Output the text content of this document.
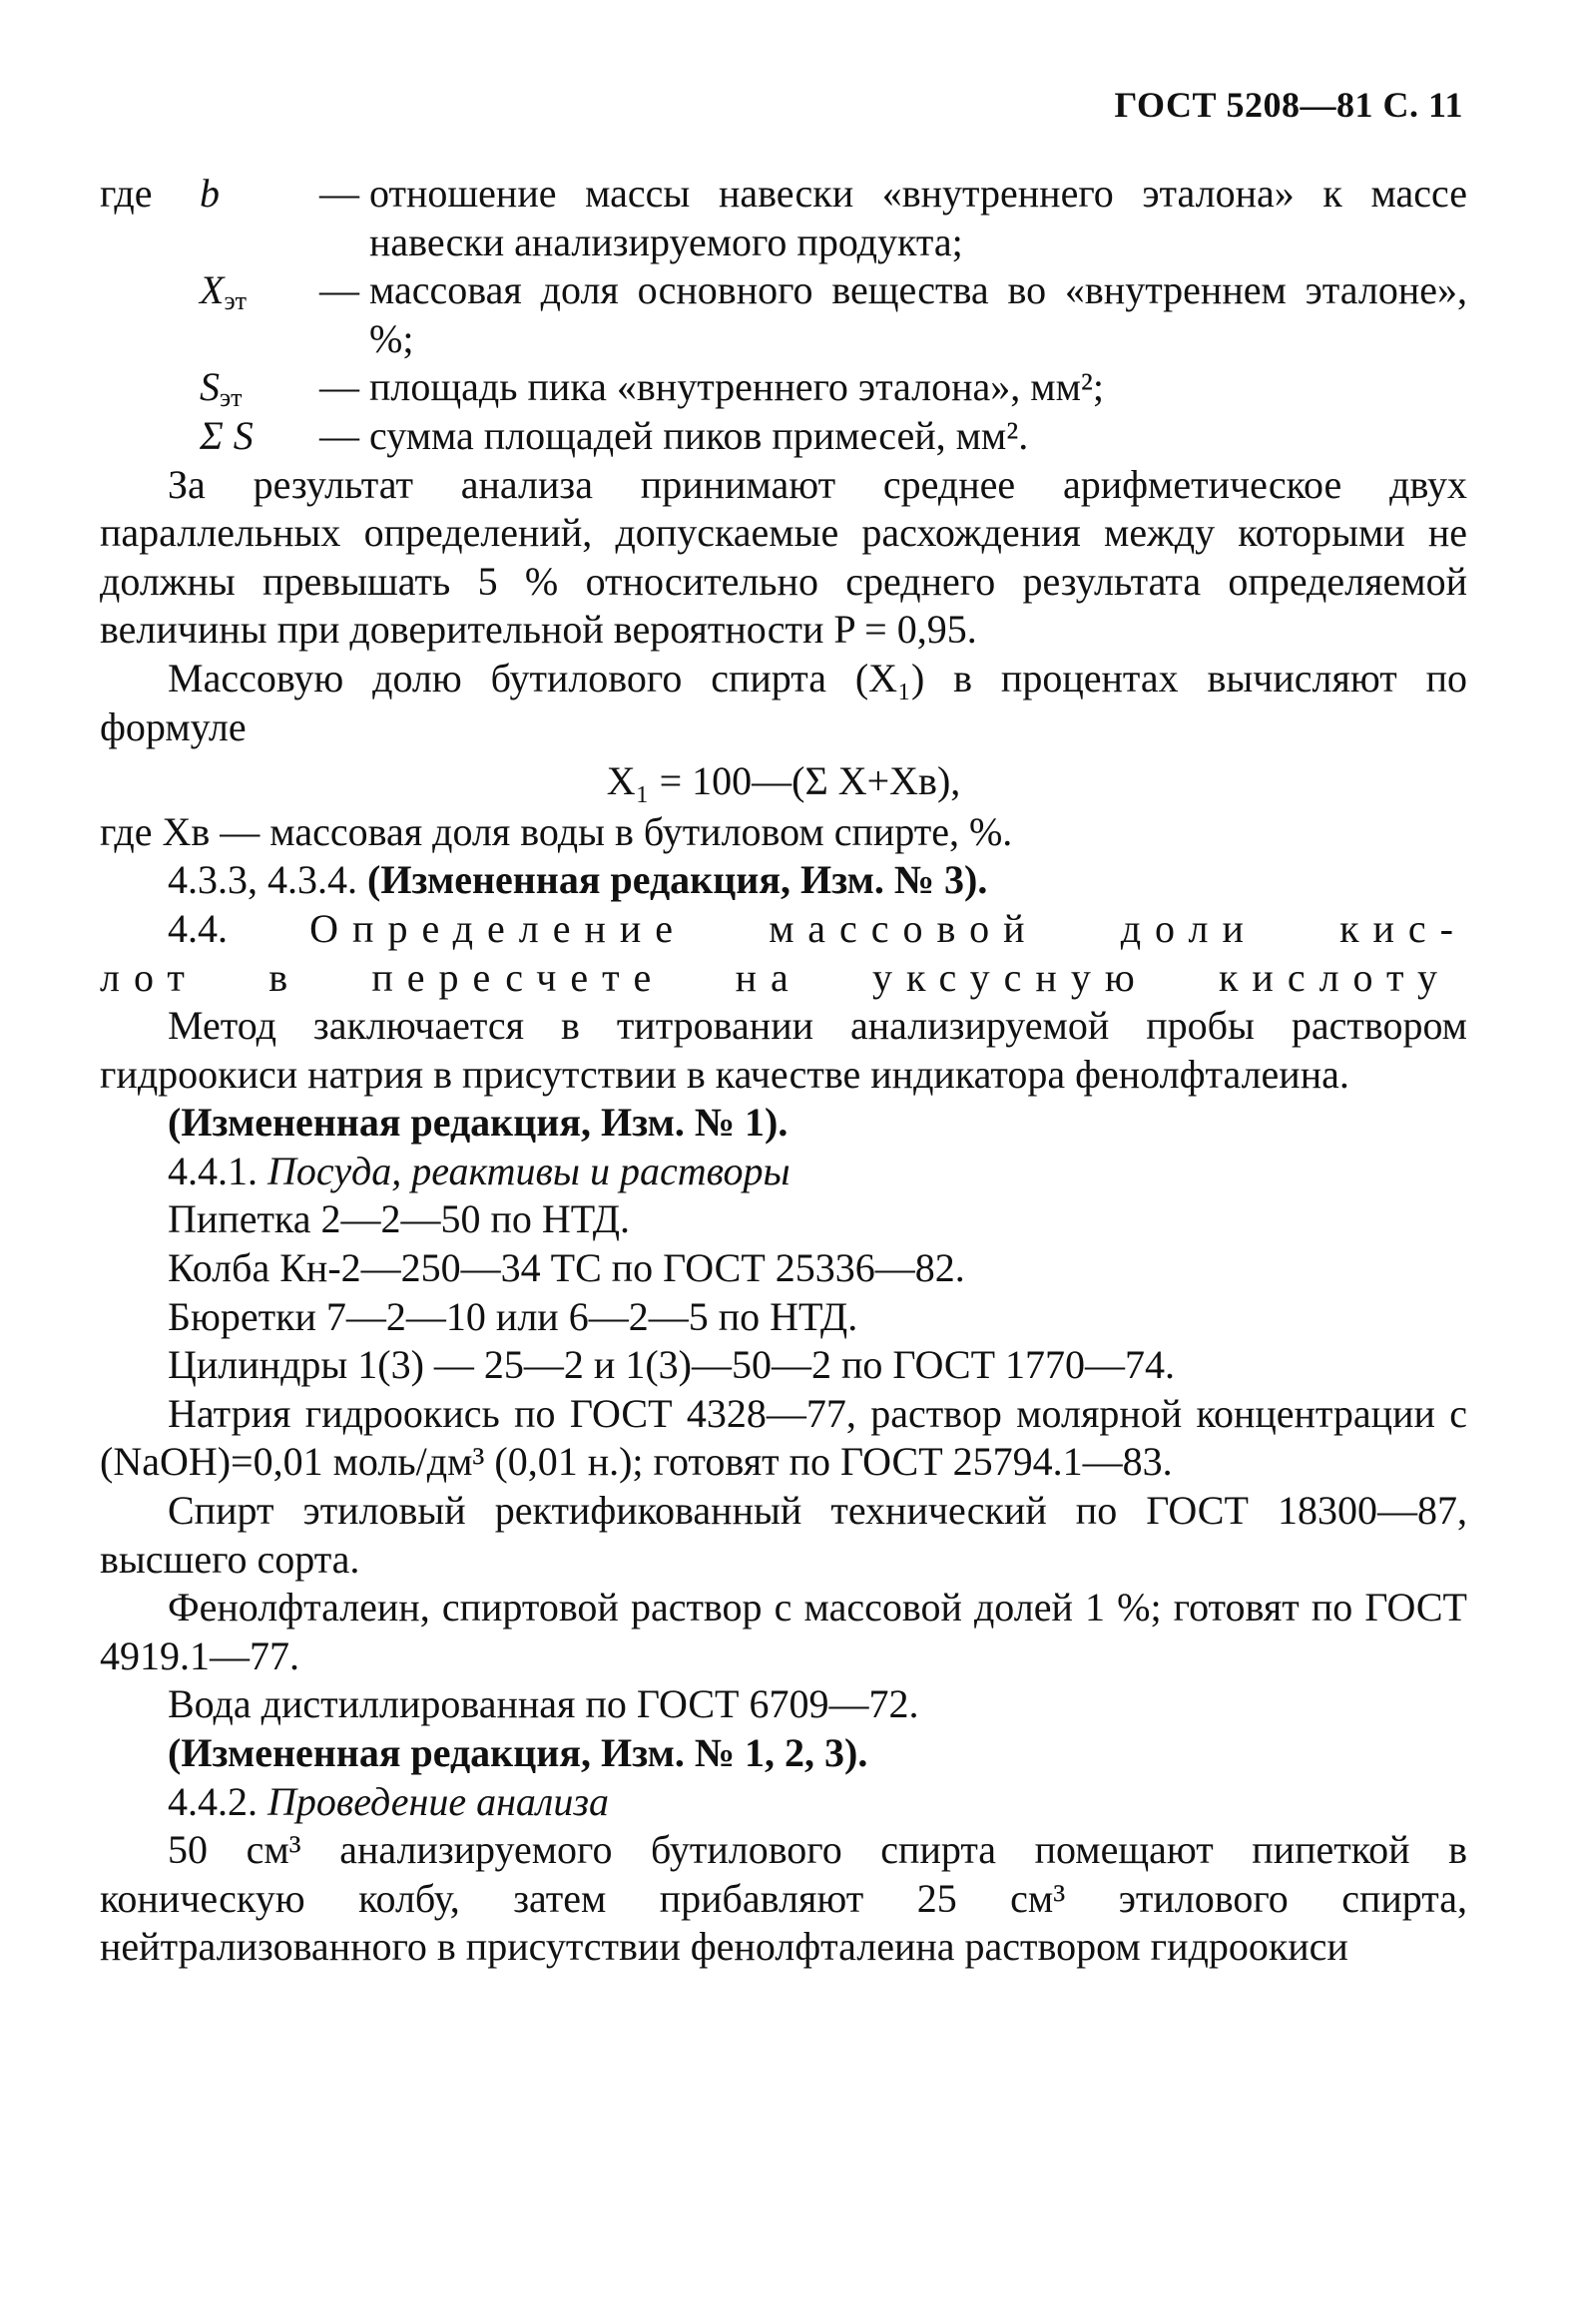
ГОСТ 5208—81 С. 11
где	b	— отношение массы навески «внутреннего эталона» к массе навески анализируемого продукта;
$X_{эт}$	— массовая доля основного вещества во «внутреннем эталоне», %;
$S_{эт}$	— площадь пика «внутреннего эталона», мм²;
Σ S	— сумма площадей пиков примесей, мм².

За результат анализа принимают среднее арифметическое двух параллельных определений, допускаемые расхождения между которыми не должны превышать 5 % относительно среднего результата определяемой величины при доверительной вероятности P = 0,95.

Массовую долю бутилового спирта (X₁) в процентах вычисляют по формуле

X₁ = 100—(Σ X+Xв),

где Xв — массовая доля воды в бутиловом спирте, %.

4.3.3, 4.3.4. (Измененная редакция, Изм. № 3).

4.4. Определение массовой доли кис-
лот в пересчете на уксусную кислоту

Метод заключается в титровании анализируемой пробы раствором гидроокиси натрия в присутствии в качестве индикатора фенолфталеина.

(Измененная редакция, Изм. № 1).

4.4.1. Посуда, реактивы и растворы

Пипетка 2—2—50 по НТД.

Колба Кн-2—250—34 ТС по ГОСТ 25336—82.

Бюретки 7—2—10 или 6—2—5 по НТД.

Цилиндры 1(3) — 25—2 и 1(3)—50—2 по ГОСТ 1770—74.

Натрия гидроокись по ГОСТ 4328—77, раствор молярной концентрации c (NaOH)=0,01 моль/дм³ (0,01 н.); готовят по ГОСТ 25794.1—83.

Спирт этиловый ректификованный технический по ГОСТ 18300—87, высшего сорта.

Фенолфталеин, спиртовой раствор с массовой долей 1 %; готовят по ГОСТ 4919.1—77.

Вода дистиллированная по ГОСТ 6709—72.

(Измененная редакция, Изм. № 1, 2, 3).

4.4.2. Проведение анализа

50 см³ анализируемого бутилового спирта помещают пипеткой в коническую колбу, затем прибавляют 25 см³ этилового спирта, нейтрализованного в присутствии фенолфталеина раствором гидроокиси
